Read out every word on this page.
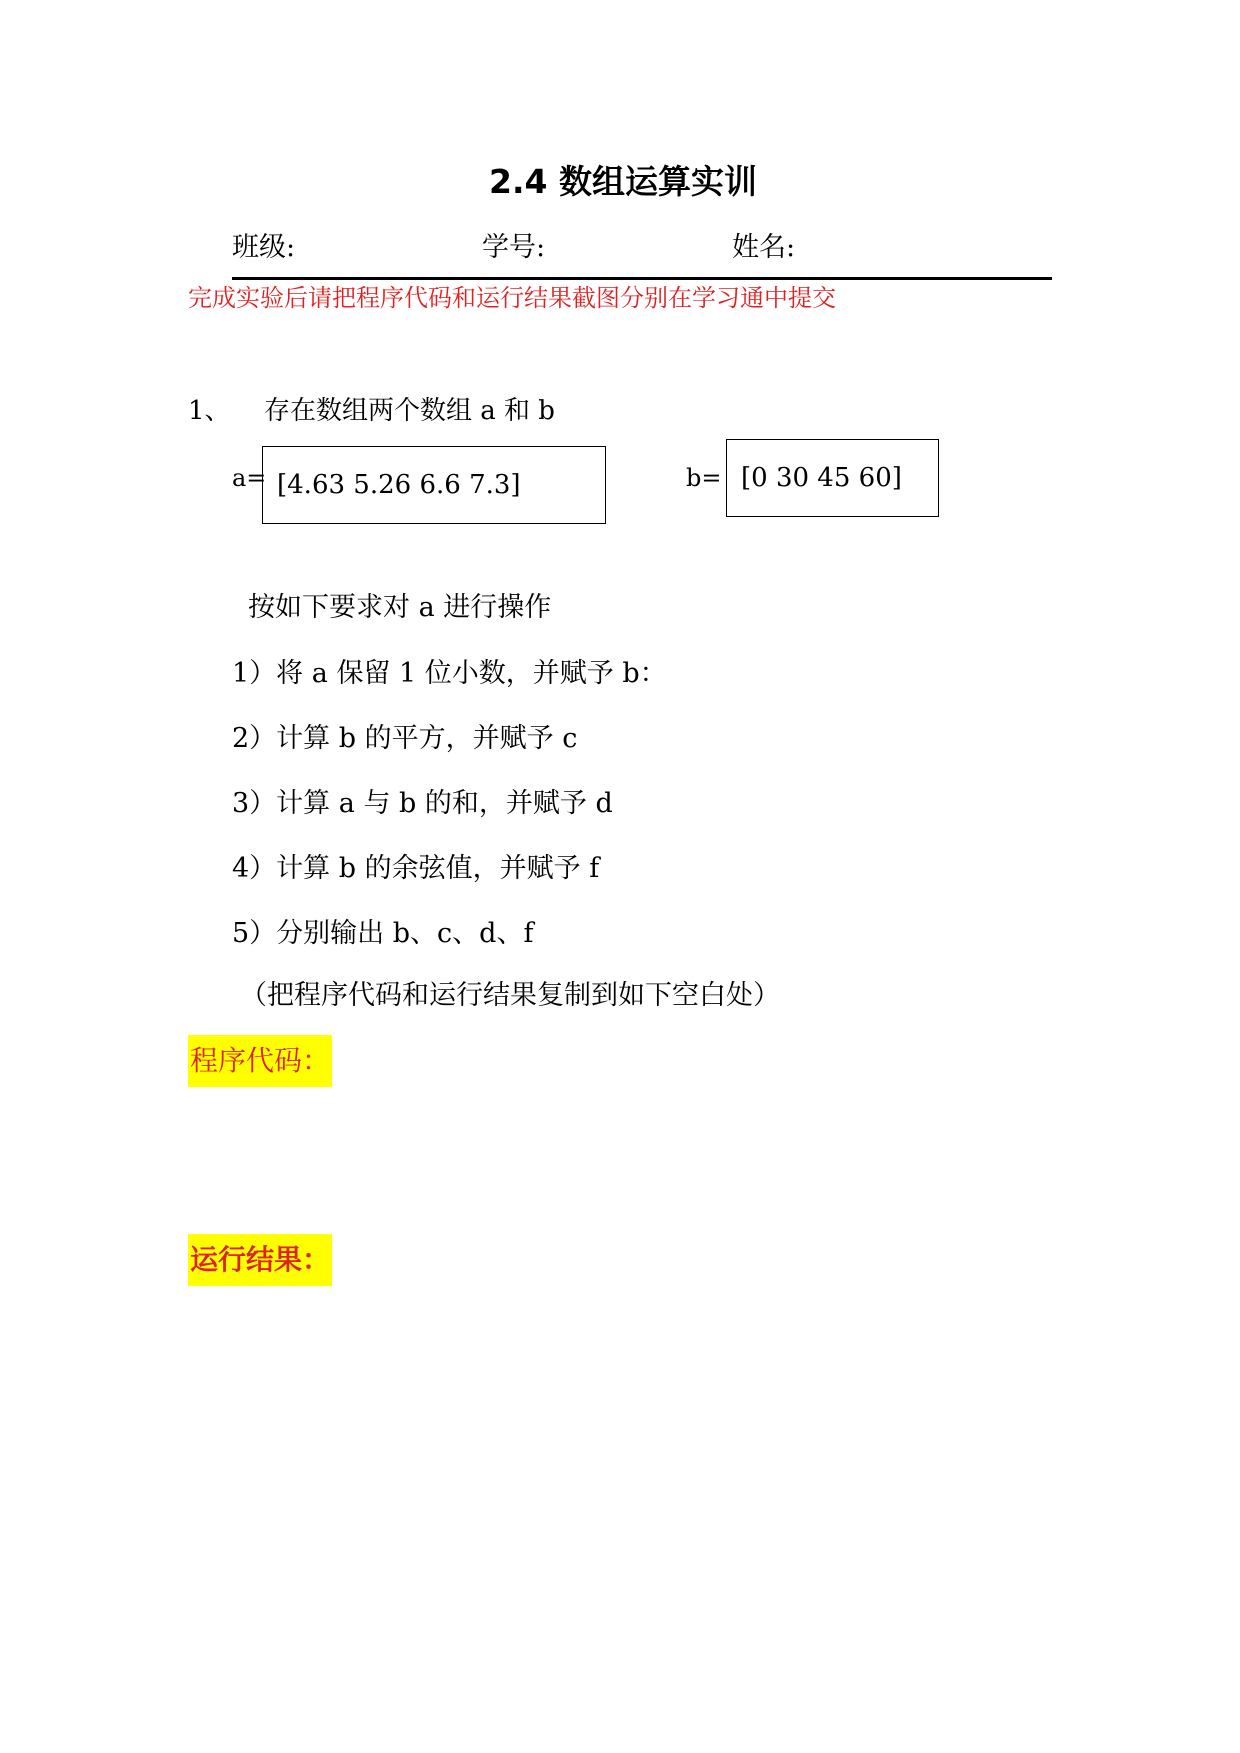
2.4 数组运算实训
班级:	学号:	姓名:
完成实验后请把程序代码和运行结果截图分别在学习通中提交
1、 存在数组两个数组 a 和 b
a= [4.63 5.26 6.6 7.3]	b= [0 30 45 60]
按如下要求对 a 进行操作
1）将 a 保留 1 位小数，并赋予 b：
2）计算 b 的平方，并赋予 c
3）计算 a 与 b 的和，并赋予 d
4）计算 b 的余弦值，并赋予 f
5）分别输出 b、c、d、f
（把程序代码和运行结果复制到如下空白处）
程序代码：
运行结果：
